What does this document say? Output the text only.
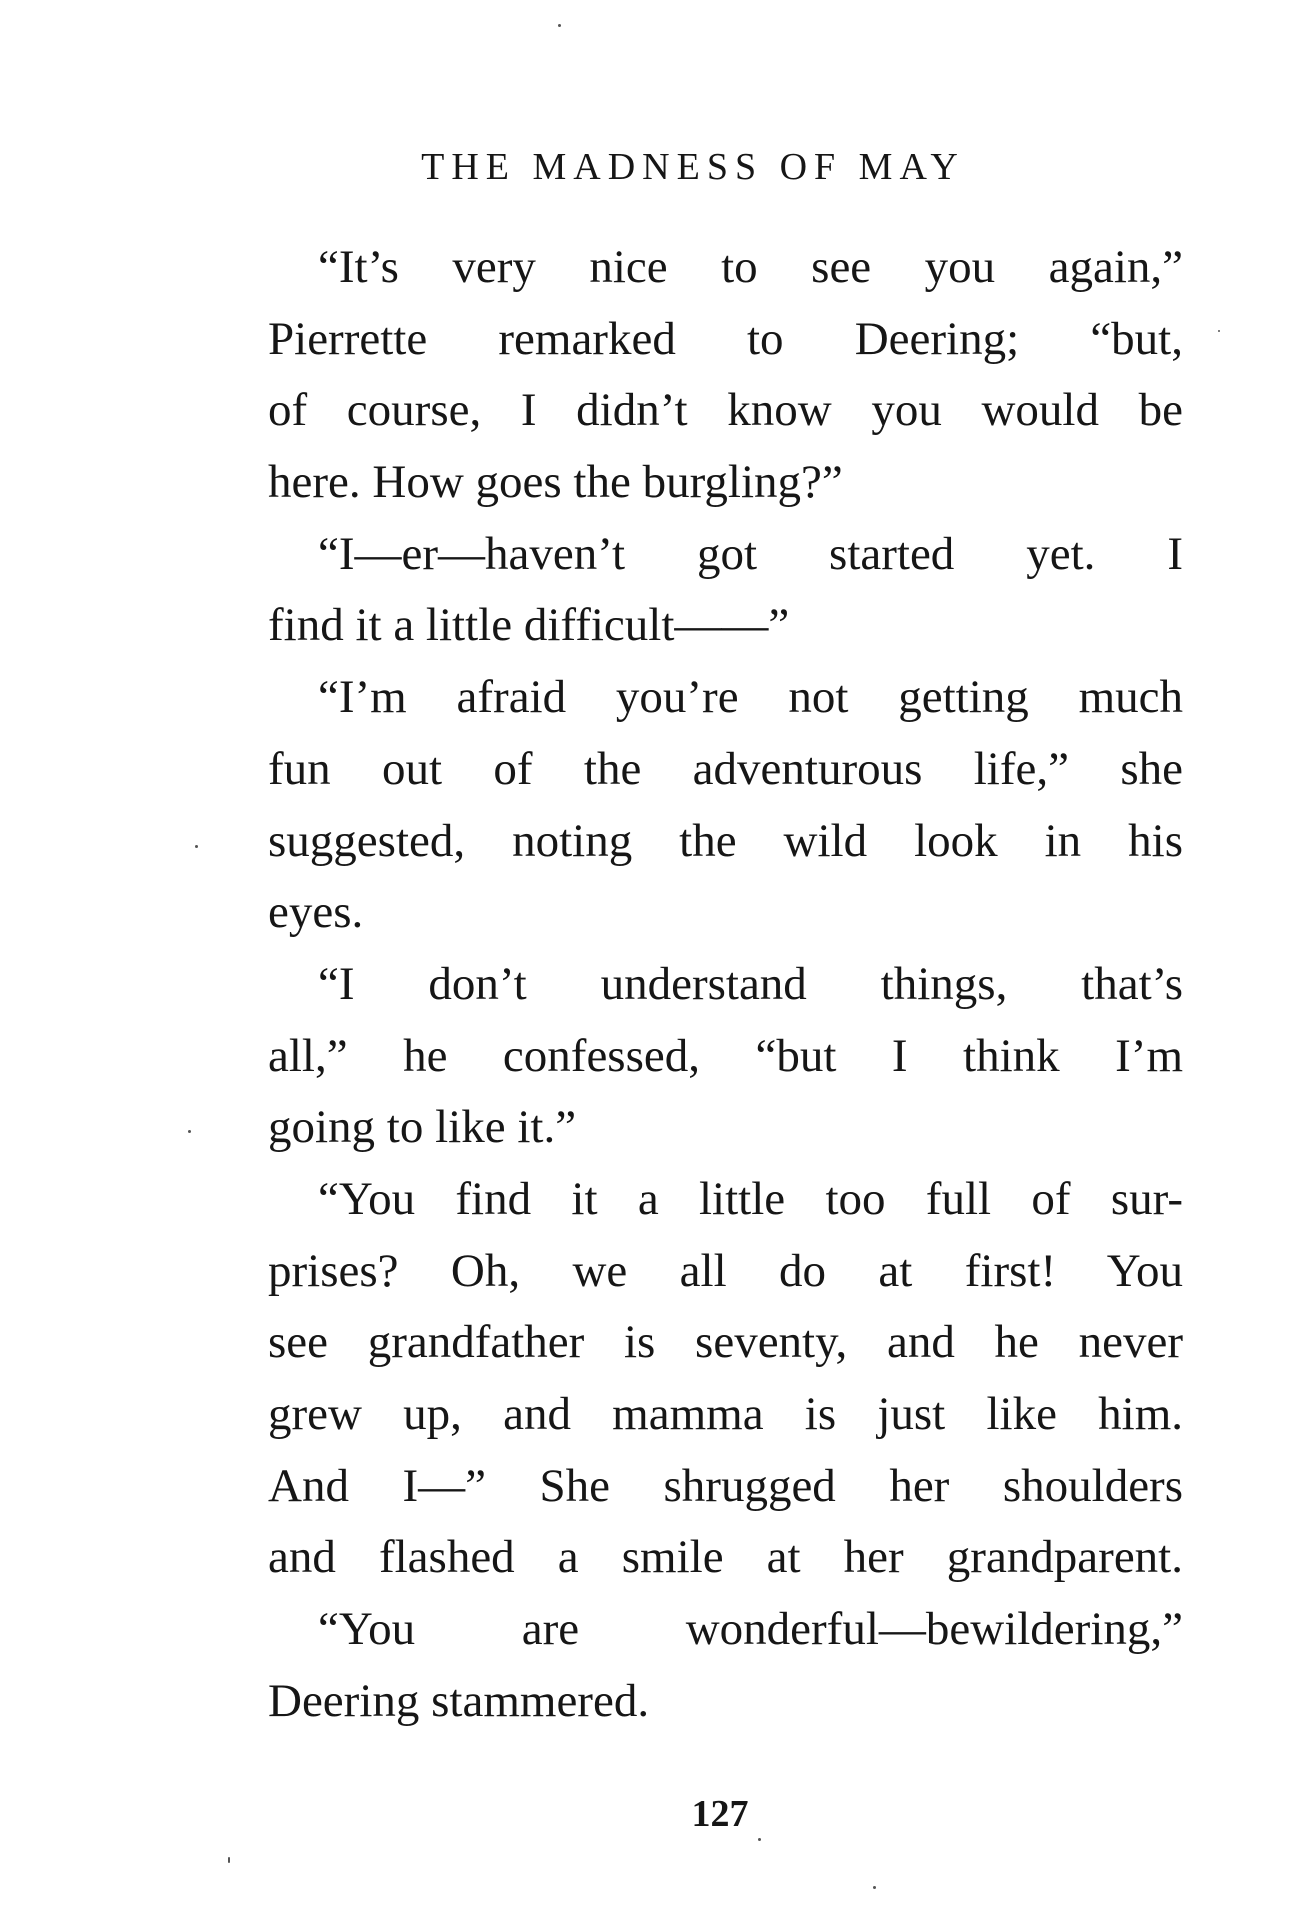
THE MADNESS OF MAY
“It’s very nice to see you again,”
Pierrette remarked to Deering; “but,
of course, I didn’t know you would be
here. How goes the burgling?”
“I—er—haven’t got started yet. I
find it a little difficult——”
“I’m afraid you’re not getting much
fun out of the adventurous life,” she
suggested, noting the wild look in his
eyes.
“I don’t understand things, that’s
all,” he confessed, “but I think I’m
going to like it.”
“You find it a little too full of sur-
prises? Oh, we all do at first! You
see grandfather is seventy, and he never
grew up, and mamma is just like him.
And I—” She shrugged her shoulders
and flashed a smile at her grandparent.
“You are wonderful—bewildering,”
Deering stammered.
127
